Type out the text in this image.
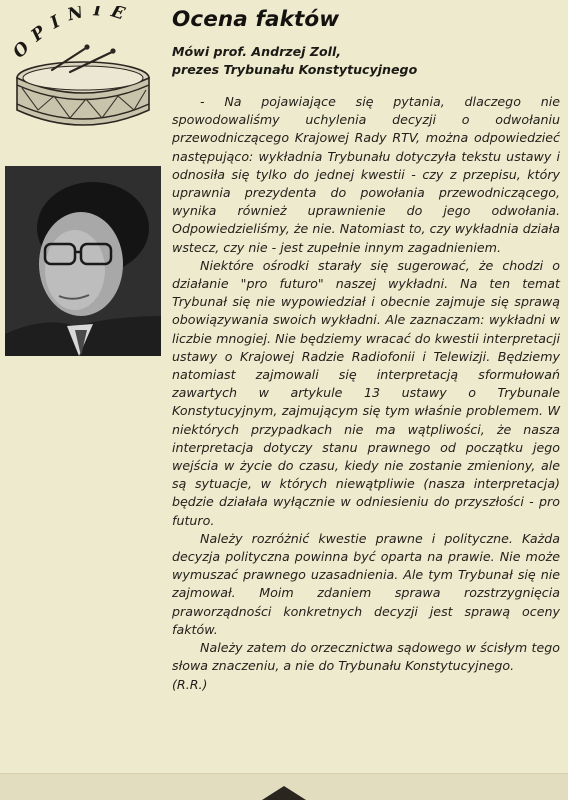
OPINIE Ocena faktów
Mówi prof. Andrzej Zoll,
prezes Trybunału Konstytucyjnego

- Na pojawiające się pytania, dlaczego nie spowodowaliśmy uchylenia decyzji o odwołaniu przewodniczącego Krajowej Rady RTV, można odpowiedzieć następująco: wykładnia Trybunału dotyczyła tekstu ustawy i odnosiła się tylko do jednej kwestii - czy z przepisu, który uprawnia prezydenta do powołania przewodniczącego, wynika również uprawnienie do jego odwołania. Odpowiedzieliśmy, że nie. Natomiast to, czy wykładnia działa wstecz, czy nie - jest zupełnie innym zagadnieniem.

Niektóre ośrodki starały się sugerować, że chodzi o działanie "pro futuro" naszej wykładni. Na ten temat Trybunał się nie wypowiedział i obecnie zajmuje się sprawą obowiązywania swoich wykładni. Ale zaznaczam: wykładni w liczbie mnogiej. Nie będziemy wracać do kwestii interpretacji ustawy o Krajowej Radzie Radiofonii i Telewizji. Będziemy natomiast zajmowali się interpretacją sformułowań zawartych w artykule 13 ustawy o Trybunale Konstytucyjnym, zajmującym się tym właśnie problemem. W niektórych przypadkach nie ma wątpliwości, że nasza interpretacja dotyczy stanu prawnego od początku jego wejścia w życie do czasu, kiedy nie zostanie zmieniony, ale są sytuacje, w których niewątpliwie (nasza interpretacja) będzie działała wyłącznie w odniesieniu do przyszłości - pro futuro.

Należy rozróżnić kwestie prawne i polityczne. Każda decyzja polityczna powinna być oparta na prawie. Nie może wymuszać prawnego uzasadnienia. Ale tym Trybunał się nie zajmował. Moim zdaniem sprawa rozstrzygnięcia praworządności konkretnych decyzji jest sprawą oceny faktów.

Należy zatem do orzecznictwa sądowego w ścisłym tego słowa znaczeniu, a nie do Trybunału Konstytucyjnego.

(R.R.)
